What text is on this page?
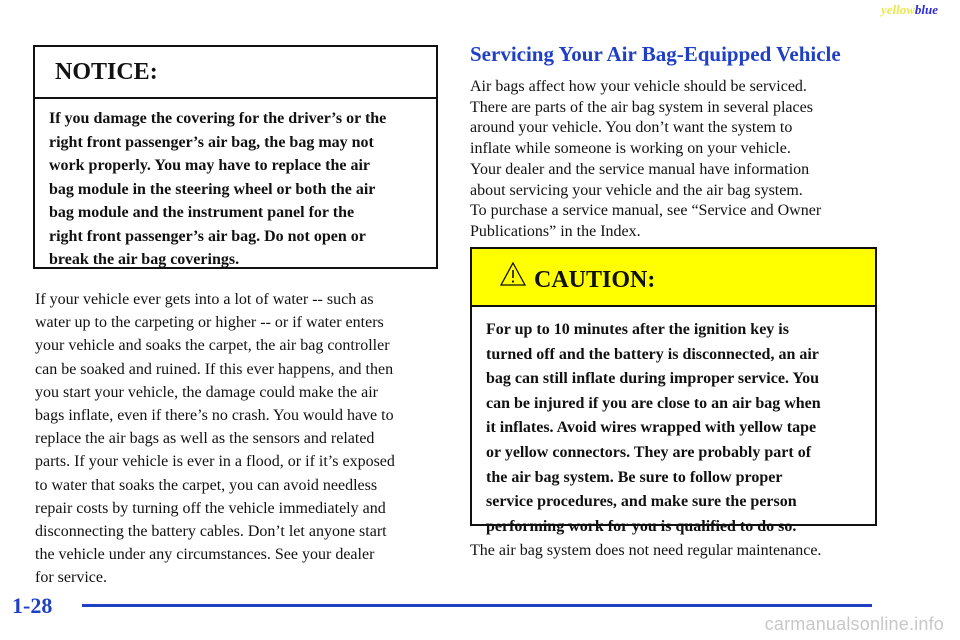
yellowblue
NOTICE:
If you damage the covering for the driver’s or the
right front passenger’s air bag, the bag may not
work properly. You may have to replace the air
bag module in the steering wheel or both the air
bag module and the instrument panel for the
right front passenger’s air bag. Do not open or
break the air bag coverings.
If your vehicle ever gets into a lot of water -- such as
water up to the carpeting or higher -- or if water enters
your vehicle and soaks the carpet, the air bag controller
can be soaked and ruined. If this ever happens, and then
you start your vehicle, the damage could make the air
bags inflate, even if there’s no crash. You would have to
replace the air bags as well as the sensors and related
parts. If your vehicle is ever in a flood, or if it’s exposed
to water that soaks the carpet, you can avoid needless
repair costs by turning off the vehicle immediately and
disconnecting the battery cables. Don’t let anyone start
the vehicle under any circumstances. See your dealer
for service.
Servicing Your Air Bag-Equipped Vehicle
Air bags affect how your vehicle should be serviced.
There are parts of the air bag system in several places
around your vehicle. You don’t want the system to
inflate while someone is working on your vehicle.
Your dealer and the service manual have information
about servicing your vehicle and the air bag system.
To purchase a service manual, see “Service and Owner
Publications” in the Index.
CAUTION:
For up to 10 minutes after the ignition key is
turned off and the battery is disconnected, an air
bag can still inflate during improper service. You
can be injured if you are close to an air bag when
it inflates. Avoid wires wrapped with yellow tape
or yellow connectors. They are probably part of
the air bag system. Be sure to follow proper
service procedures, and make sure the person
performing work for you is qualified to do so.
The air bag system does not need regular maintenance.
1-28
carmanualsonline.info
